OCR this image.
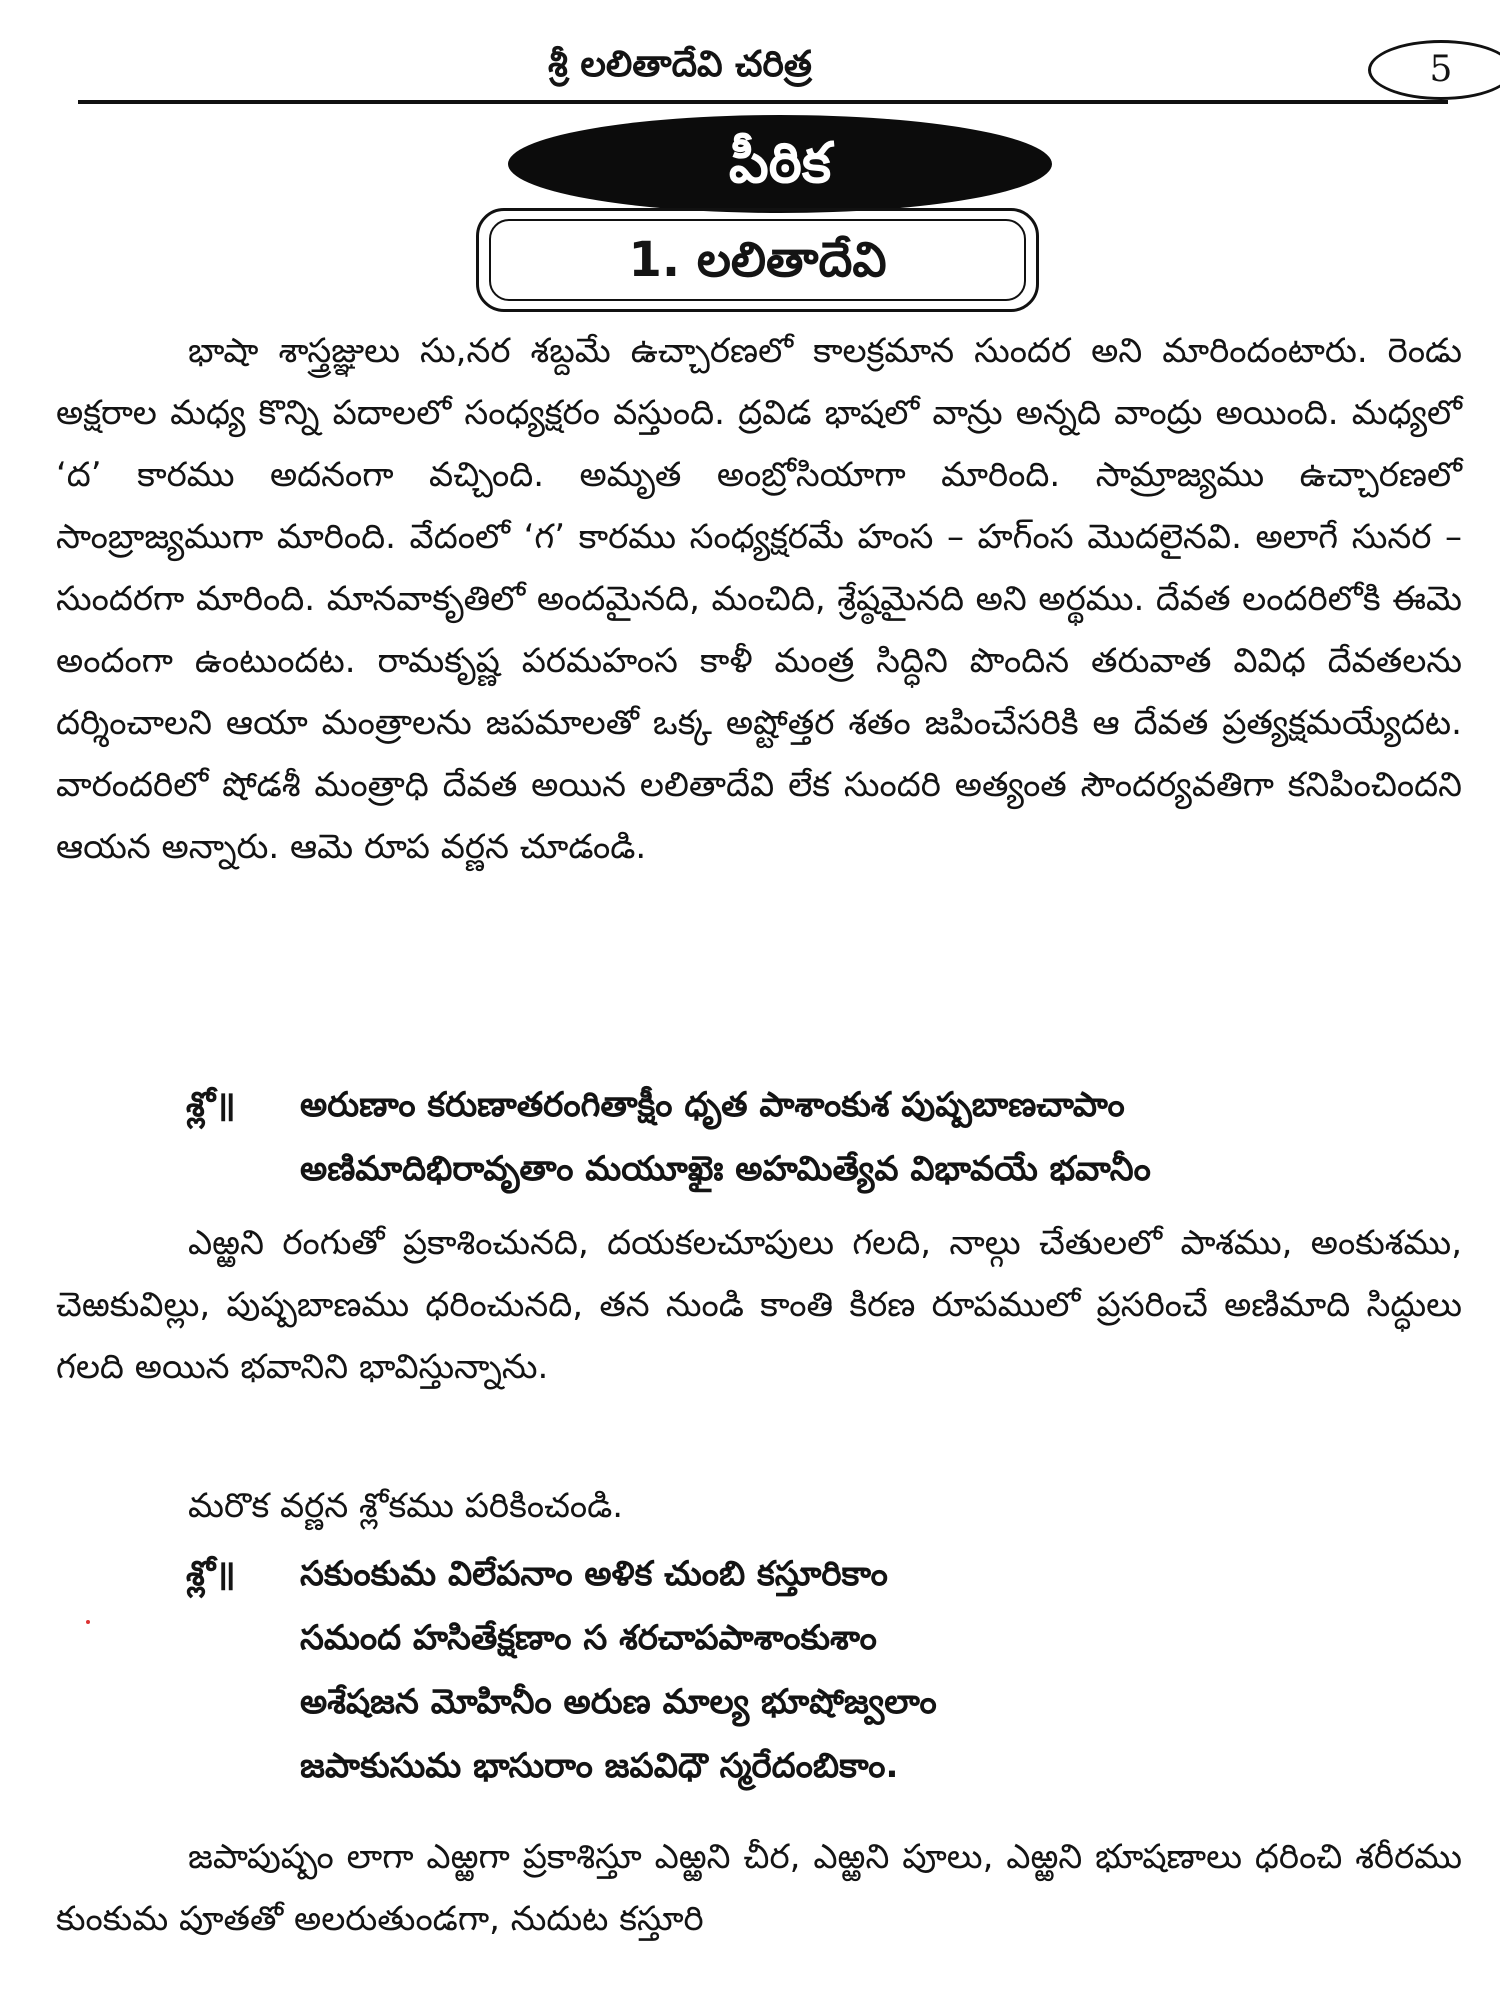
శ్రీ లలితాదేవి చరిత్ర	5
పీఠిక
1. లలితాదేవి

భాషా శాస్త్రజ్ఞులు సు,నర శబ్దమే ఉచ్చారణలో కాలక్రమాన సుందర అని మారిందంటారు. రెండు అక్షరాల మధ్య కొన్ని పదాలలో సంధ్యక్షరం వస్తుంది. ద్రవిడ భాషలో వాన్రు అన్నది వాంద్రు అయింది. మధ్యలో ‘ద’ కారము అదనంగా వచ్చింది. అమృత అంబ్రోసియాగా మారింది. సామ్రాజ్యము ఉచ్చారణలో సాంబ్రాజ్యముగా మారింది. వేదంలో ‘గ’ కారము సంధ్యక్షరమే హంస – హగ్ంస మొదలైనవి. అలాగే సునర – సుందరగా మారింది. మానవాకృతిలో అందమైనది, మంచిది, శ్రేష్ఠమైనది అని అర్థము. దేవత లందరిలోకి ఈమె అందంగా ఉంటుందట. రామకృష్ణ పరమహంస కాళీ మంత్ర సిద్ధిని పొందిన తరువాత వివిధ దేవతలను దర్శించాలని ఆయా మంత్రాలను జపమాలతో ఒక్క అష్టోత్తర శతం జపించేసరికి ఆ దేవత ప్రత్యక్షమయ్యేదట. వారందరిలో షోడశీ మంత్రాధి దేవత అయిన లలితాదేవి లేక సుందరి అత్యంత సౌందర్యవతిగా కనిపించిందని ఆయన అన్నారు. ఆమె రూప వర్ణన చూడండి.

శ్లో॥ అరుణాం కరుణాతరంగితాక్షీం ధృత పాశాంకుశ పుష్పబాణచాపాం
అణిమాదిభిరావృతాం మయూఖైః అహమిత్యేవ విభావయే భవానీం

ఎఱ్ఱని రంగుతో ప్రకాశించునది, దయకలచూపులు గలది, నాల్గు చేతులలో పాశము, అంకుశము, చెఱకువిల్లు, పుష్పబాణము ధరించునది, తన నుండి కాంతి కిరణ రూపములో ప్రసరించే అణిమాది సిద్ధులు గలది అయిన భవానిని భావిస్తున్నాను.

మరొక వర్ణన శ్లోకము పరికించండి.
శ్లో॥ సకుంకుమ విలేపనాం అళిక చుంబి కస్తూరికాం
సమంద హసితేక్షణాం స శరచాపపాశాంకుశాం
అశేషజన మోహినీం అరుణ మాల్య భూషోజ్వలాం
జపాకుసుమ భాసురాం జపవిధౌ స్మరేదంబికాం.

జపాపుష్పం లాగా ఎఱ్ఱగా ప్రకాశిస్తూ ఎఱ్ఱని చీర, ఎఱ్ఱని పూలు, ఎఱ్ఱని భూషణాలు ధరించి శరీరము కుంకుమ పూతతో అలరుతుండగా, నుదుట కస్తూరి
